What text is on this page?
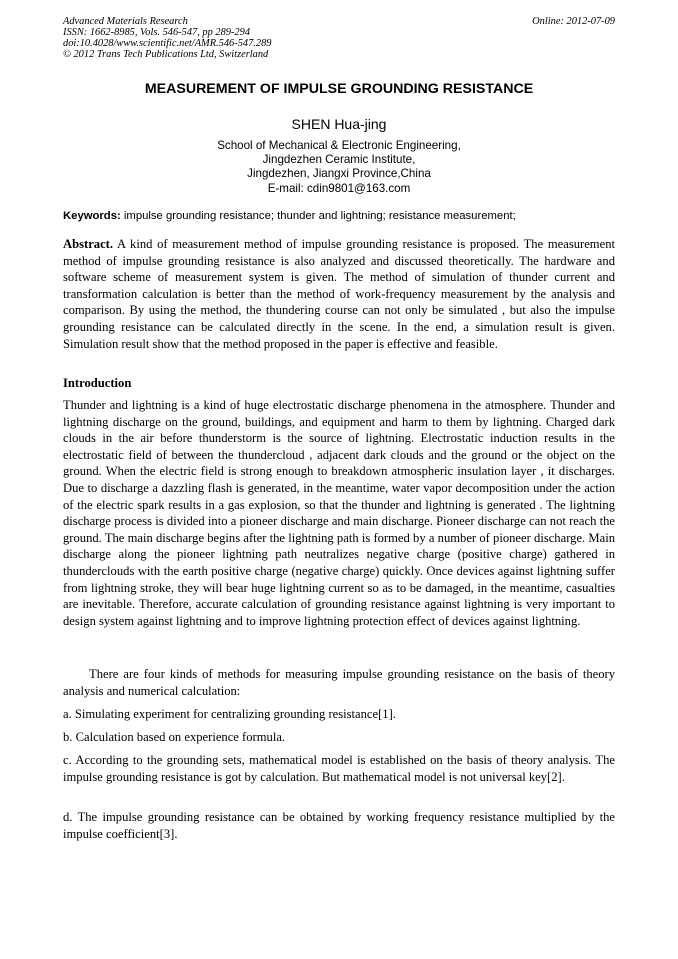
Advanced Materials Research
ISSN: 1662-8985, Vols. 546-547, pp 289-294
doi:10.4028/www.scientific.net/AMR.546-547.289
© 2012 Trans Tech Publications Ltd, Switzerland
Online: 2012-07-09
MEASUREMENT OF IMPULSE GROUNDING RESISTANCE
SHEN Hua-jing
School of Mechanical & Electronic Engineering,
Jingdezhen Ceramic Institute,
Jingdezhen, Jiangxi Province,China
E-mail: cdin9801@163.com
Keywords: impulse grounding resistance; thunder and lightning; resistance measurement;

Abstract. A kind of measurement method of impulse grounding resistance is proposed. The measurement method of impulse grounding resistance is also analyzed and discussed theoretically. The hardware and software scheme of measurement system is given. The method of simulation of thunder current and transformation calculation is better than the method of work-frequency measurement by the analysis and comparison. By using the method, the thundering course can not only be simulated , but also the impulse grounding resistance can be calculated directly in the scene. In the end, a simulation result is given. Simulation result show that the method proposed in the paper is effective and feasible.

Introduction

Thunder and lightning is a kind of huge electrostatic discharge phenomena in the atmosphere. Thunder and lightning discharge on the ground, buildings, and equipment and harm to them by lightning. Charged dark clouds in the air before thunderstorm is the source of lightning. Electrostatic induction results in the electrostatic field of between the thundercloud , adjacent dark clouds and the ground or the object on the ground. When the electric field is strong enough to breakdown atmospheric insulation layer , it discharges. Due to discharge a dazzling flash is generated, in the meantime, water vapor decomposition under the action of the electric spark results in a gas explosion, so that the thunder and lightning is generated . The lightning discharge process is divided into a pioneer discharge and main discharge. Pioneer discharge can not reach the ground. The main discharge begins after the lightning path is formed by a number of pioneer discharge. Main discharge along the pioneer lightning path neutralizes negative charge (positive charge) gathered in thunderclouds with the earth positive charge (negative charge) quickly. Once devices against lightning suffer from lightning stroke, they will bear huge lightning current so as to be damaged, in the meantime, casualties are inevitable. Therefore, accurate calculation of grounding resistance against lightning is very important to design system against lightning and to improve lightning protection effect of devices against lightning.

There are four kinds of methods for measuring impulse grounding resistance on the basis of theory analysis and numerical calculation:

a. Simulating experiment for centralizing grounding resistance[1].
b. Calculation based on experience formula.
c. According to the grounding sets, mathematical model is established on the basis of theory analysis. The impulse grounding resistance is got by calculation. But mathematical model is not universal key[2].
d. The impulse grounding resistance can be obtained by working frequency resistance multiplied by the impulse coefficient[3].
